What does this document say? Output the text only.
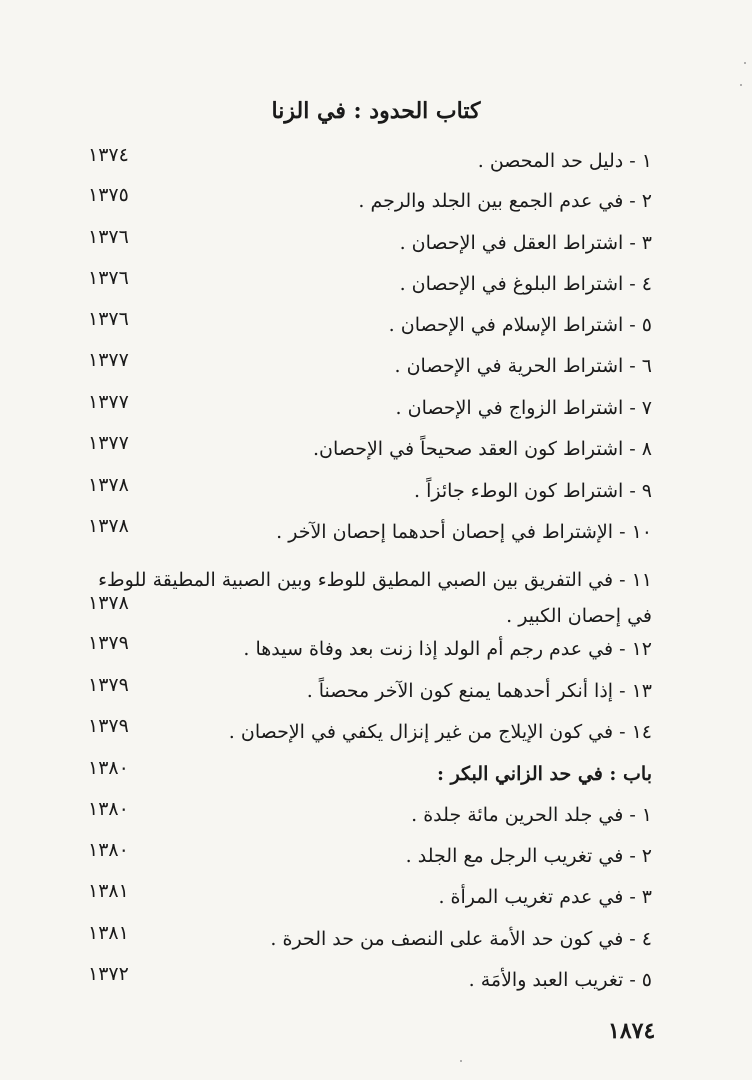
كتاب الحدود : في الزنا
١ - دليل حد المحصن .
١٣٧٤
٢ - في عدم الجمع بين الجلد والرجم .
١٣٧٥
٣ - اشتراط العقل في الإحصان .
١٣٧٦
٤ - اشتراط البلوغ في الإحصان .
١٣٧٦
٥ - اشتراط الإسلام في الإحصان .
١٣٧٦
٦ - اشتراط الحرية في الإحصان .
١٣٧٧
٧ - اشتراط الزواج في الإحصان .
١٣٧٧
٨ - اشتراط كون العقد صحيحاً في الإحصان.
١٣٧٧
٩ - اشتراط كون الوطء جائزاً .
١٣٧٨
١٠ - الإشتراط في إحصان أحدهما إحصان الآخر .
١٣٧٨
١١ - في التفريق بين الصبي المطيق للوطء وبين الصبية المطيقة للوطء في إحصان الكبير .
١٣٧٨
١٢ - في عدم رجم أم الولد إذا زنت بعد وفاة سيدها .
١٣٧٩
١٣ - إذا أنكر أحدهما يمنع كون الآخر محصناً .
١٣٧٩
١٤ - في كون الإيلاج من غير إنزال يكفي في الإحصان .
١٣٧٩
باب : في حد الزاني البكر :
١٣٨٠
١ - في جلد الحرين مائة جلدة .
١٣٨٠
٢ - في تغريب الرجل مع الجلد .
١٣٨٠
٣ - في عدم تغريب المرأة .
١٣٨١
٤ - في كون حد الأمة على النصف من حد الحرة .
١٣٨١
٥ - تغريب العبد والأمَة .
١٣٧٢
١٨٧٤
